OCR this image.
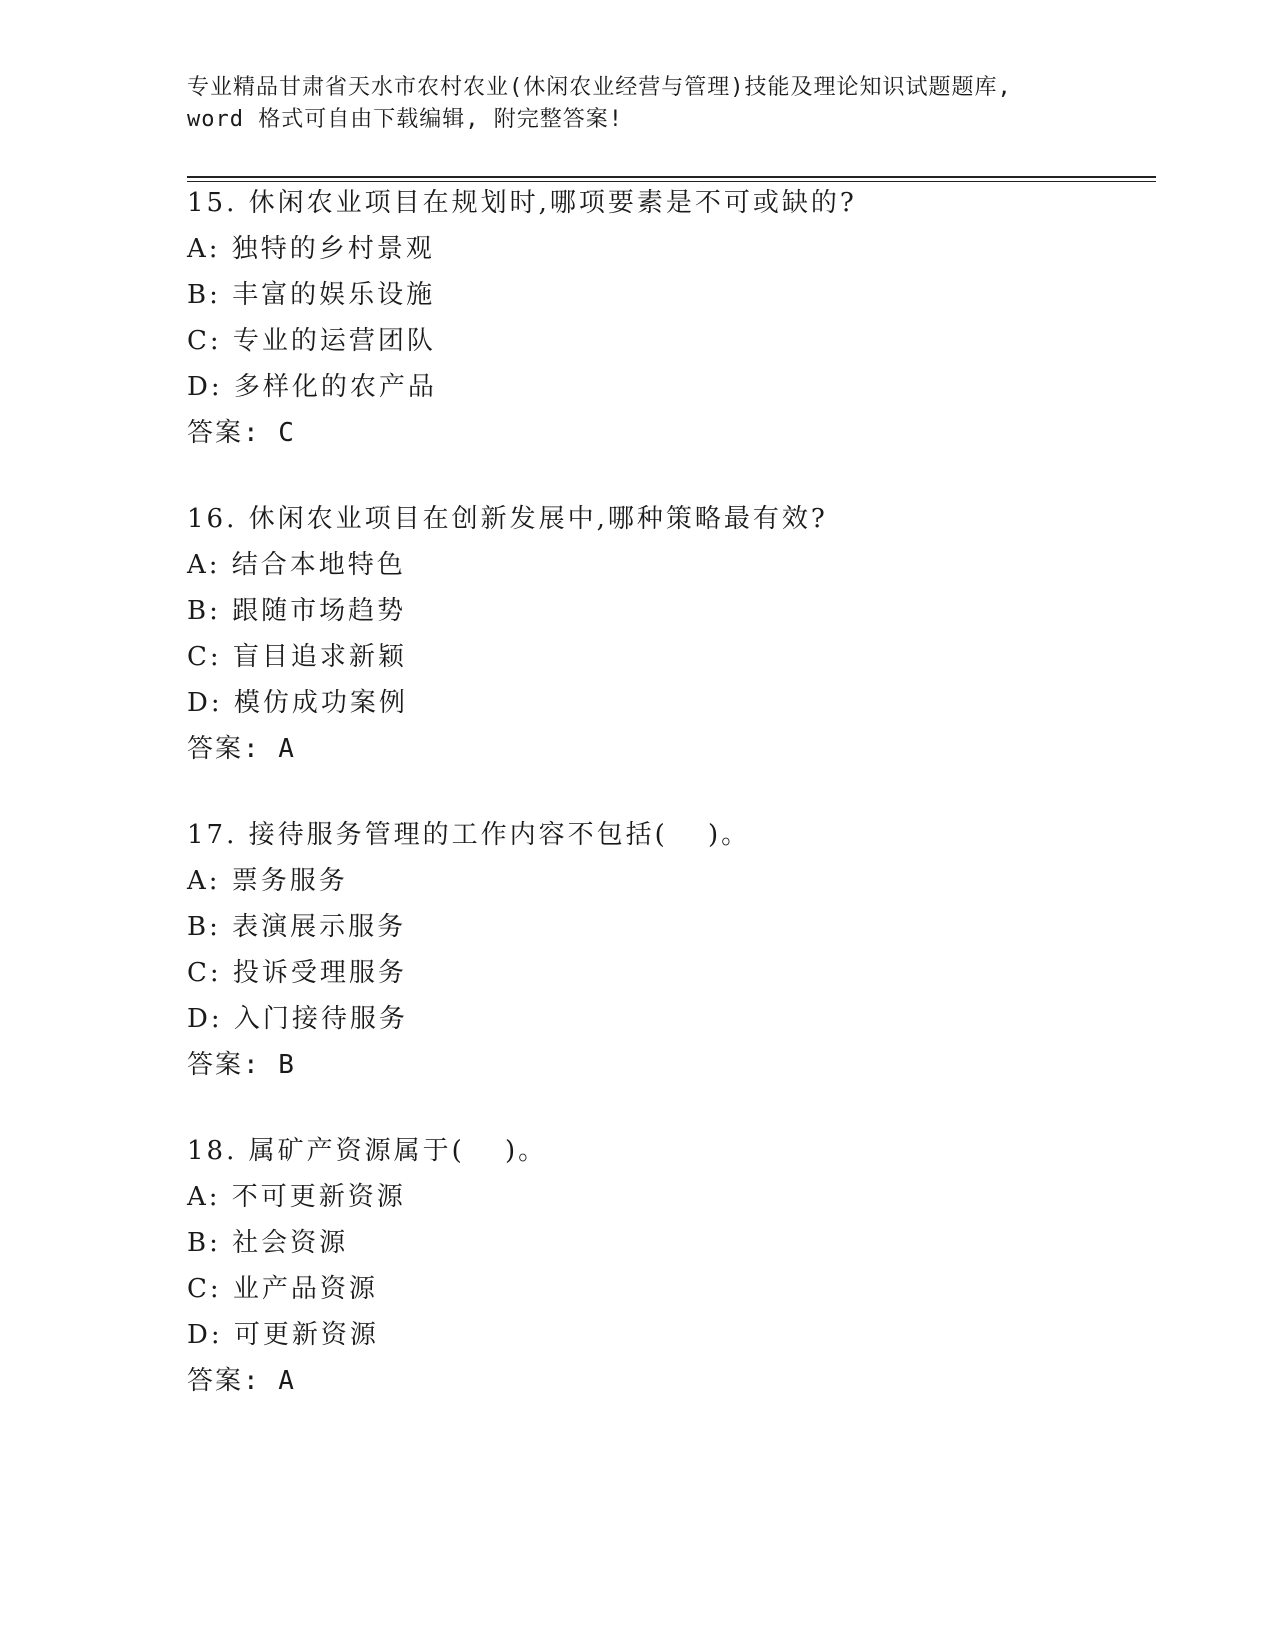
专业精品甘肃省天水市农村农业(休闲农业经营与管理)技能及理论知识试题题库,
word 格式可自由下载编辑, 附完整答案!
15. 休闲农业项目在规划时,哪项要素是不可或缺的?
A: 独特的乡村景观
B: 丰富的娱乐设施
C: 专业的运营团队
D: 多样化的农产品
答案: C
16. 休闲农业项目在创新发展中,哪种策略最有效?
A: 结合本地特色
B: 跟随市场趋势
C: 盲目追求新颖
D: 模仿成功案例
答案: A
17. 接待服务管理的工作内容不包括(　 )。
A: 票务服务
B: 表演展示服务
C: 投诉受理服务
D: 入门接待服务
答案: B
18. 属矿产资源属于(　 )。
A: 不可更新资源
B: 社会资源
C: 业产品资源
D: 可更新资源
答案: A
